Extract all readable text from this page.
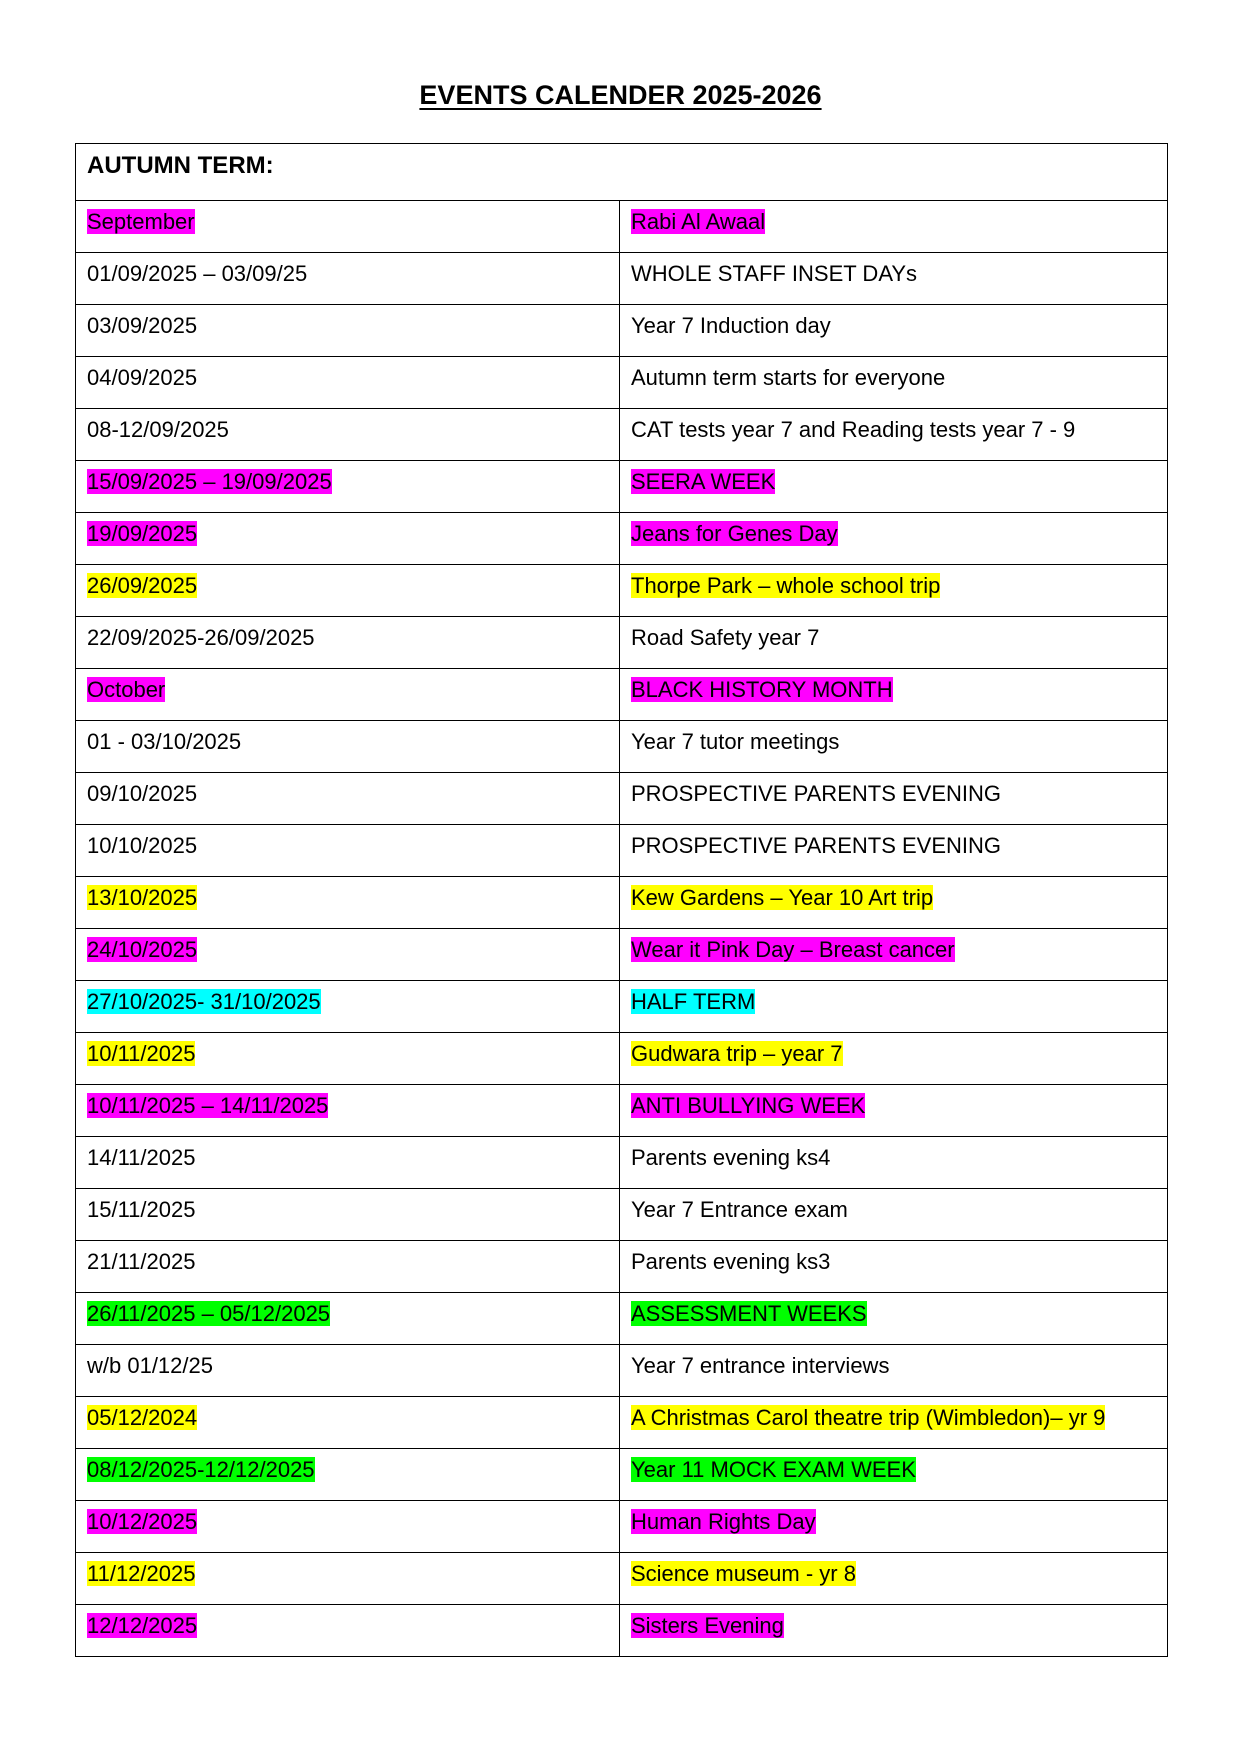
EVENTS CALENDER 2025-2026
AUTUMN TERM:	
September	Rabi Al Awaal
01/09/2025 – 03/09/25	WHOLE STAFF INSET DAYs
03/09/2025	Year 7 Induction day
04/09/2025	Autumn term starts for everyone
08-12/09/2025	CAT tests year 7 and Reading tests year 7 - 9
15/09/2025 – 19/09/2025	SEERA WEEK
19/09/2025	Jeans for Genes Day
26/09/2025	Thorpe Park – whole school trip
22/09/2025-26/09/2025	Road Safety year 7
October	BLACK HISTORY MONTH
01 - 03/10/2025	Year 7 tutor meetings
09/10/2025	PROSPECTIVE PARENTS EVENING
10/10/2025	PROSPECTIVE PARENTS EVENING
13/10/2025	Kew Gardens – Year 10 Art trip
24/10/2025	Wear it Pink Day – Breast cancer
27/10/2025- 31/10/2025	HALF TERM
10/11/2025	Gudwara trip – year 7
10/11/2025 – 14/11/2025	ANTI BULLYING WEEK
14/11/2025	Parents evening ks4
15/11/2025	Year 7 Entrance exam
21/11/2025	Parents evening ks3
26/11/2025 – 05/12/2025	ASSESSMENT WEEKS
w/b 01/12/25	Year 7 entrance interviews
05/12/2024	A Christmas Carol theatre trip (Wimbledon)– yr 9
08/12/2025-12/12/2025	Year 11 MOCK EXAM WEEK
10/12/2025	Human Rights Day
11/12/2025	Science museum - yr 8
12/12/2025	Sisters Evening
